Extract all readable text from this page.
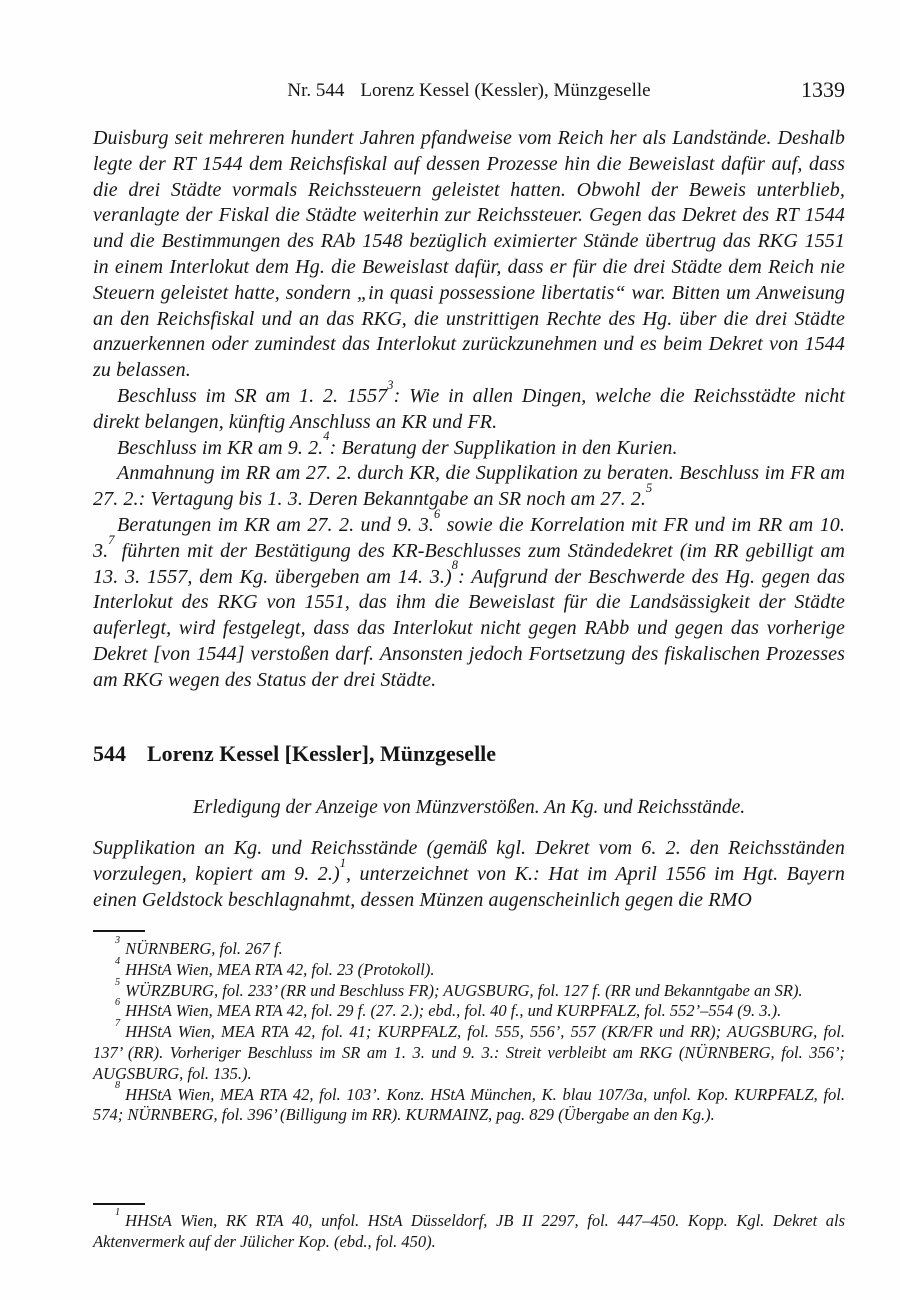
Nr. 544 Lorenz Kessel (Kessler), Münzgeselle	1339

Duisburg seit mehreren hundert Jahren pfandweise vom Reich her als Landstände. Deshalb legte der RT 1544 dem Reichsfiskal auf dessen Prozesse hin die Beweislast dafür auf, dass die drei Städte vormals Reichssteuern geleistet hatten. Obwohl der Beweis unterblieb, veranlagte der Fiskal die Städte weiterhin zur Reichssteuer. Gegen das Dekret des RT 1544 und die Bestimmungen des RAb 1548 bezüglich eximierter Stände übertrug das RKG 1551 in einem Interlokut dem Hg. die Beweislast dafür, dass er für die drei Städte dem Reich nie Steuern geleistet hatte, sondern „in quasi possessione libertatis“ war. Bitten um Anweisung an den Reichsfiskal und an das RKG, die unstrittigen Rechte des Hg. über die drei Städte anzuerkennen oder zumindest das Interlokut zurückzunehmen und es beim Dekret von 1544 zu belassen.

Beschluss im SR am 1. 2. 1557$^3$: Wie in allen Dingen, welche die Reichsstädte nicht direkt belangen, künftig Anschluss an KR und FR.

Beschluss im KR am 9. 2.$^4$: Beratung der Supplikation in den Kurien.

Anmahnung im RR am 27. 2. durch KR, die Supplikation zu beraten. Beschluss im FR am 27. 2.: Vertagung bis 1. 3. Deren Bekanntgabe an SR noch am 27. 2.$^5$

Beratungen im KR am 27. 2. und 9. 3.$^6$ sowie die Korrelation mit FR und im RR am 10. 3.$^7$ führten mit der Bestätigung des KR-Beschlusses zum Ständedekret (im RR gebilligt am 13. 3. 1557, dem Kg. übergeben am 14. 3.)$^8$: Aufgrund der Beschwerde des Hg. gegen das Interlokut des RKG von 1551, das ihm die Beweislast für die Landsässigkeit der Städte auferlegt, wird festgelegt, dass das Interlokut nicht gegen RAbb und gegen das vorherige Dekret [von 1544] verstoßen darf. Ansonsten jedoch Fortsetzung des fiskalischen Prozesses am RKG wegen des Status der drei Städte.

544 Lorenz Kessel [Kessler], Münzgeselle

Erledigung der Anzeige von Münzverstößen. An Kg. und Reichsstände.

Supplikation an Kg. und Reichsstände (gemäß kgl. Dekret vom 6. 2. den Reichsständen vorzulegen, kopiert am 9. 2.)$^1$, unterzeichnet von K.: Hat im April 1556 im Hgt. Bayern einen Geldstock beschlagnahmt, dessen Münzen augenscheinlich gegen die RMO

$^3$ NÜRNBERG, fol. 267 f.

$^4$ HHStA Wien, MEA RTA 42, fol. 23 (Protokoll).

$^5$ WÜRZBURG, fol. 233’ (RR und Beschluss FR); AUGSBURG, fol. 127 f. (RR und Bekanntgabe an SR).

$^6$ HHStA Wien, MEA RTA 42, fol. 29 f. (27. 2.); ebd., fol. 40 f., und KURPFALZ, fol. 552’–554 (9. 3.).

$^7$ HHStA Wien, MEA RTA 42, fol. 41; KURPFALZ, fol. 555, 556’, 557 (KR/FR und RR); AUGSBURG, fol. 137’ (RR). Vorheriger Beschluss im SR am 1. 3. und 9. 3.: Streit verbleibt am RKG (NÜRNBERG, fol. 356’; AUGSBURG, fol. 135.).

$^8$ HHStA Wien, MEA RTA 42, fol. 103’. Konz. HStA München, K. blau 107/3a, unfol. Kop. KURPFALZ, fol. 574; NÜRNBERG, fol. 396’ (Billigung im RR). KURMAINZ, pag. 829 (Übergabe an den Kg.).

$^1$ HHStA Wien, RK RTA 40, unfol. HStA Düsseldorf, JB II 2297, fol. 447–450. Kopp. Kgl. Dekret als Aktenvermerk auf der Jülicher Kop. (ebd., fol. 450).
